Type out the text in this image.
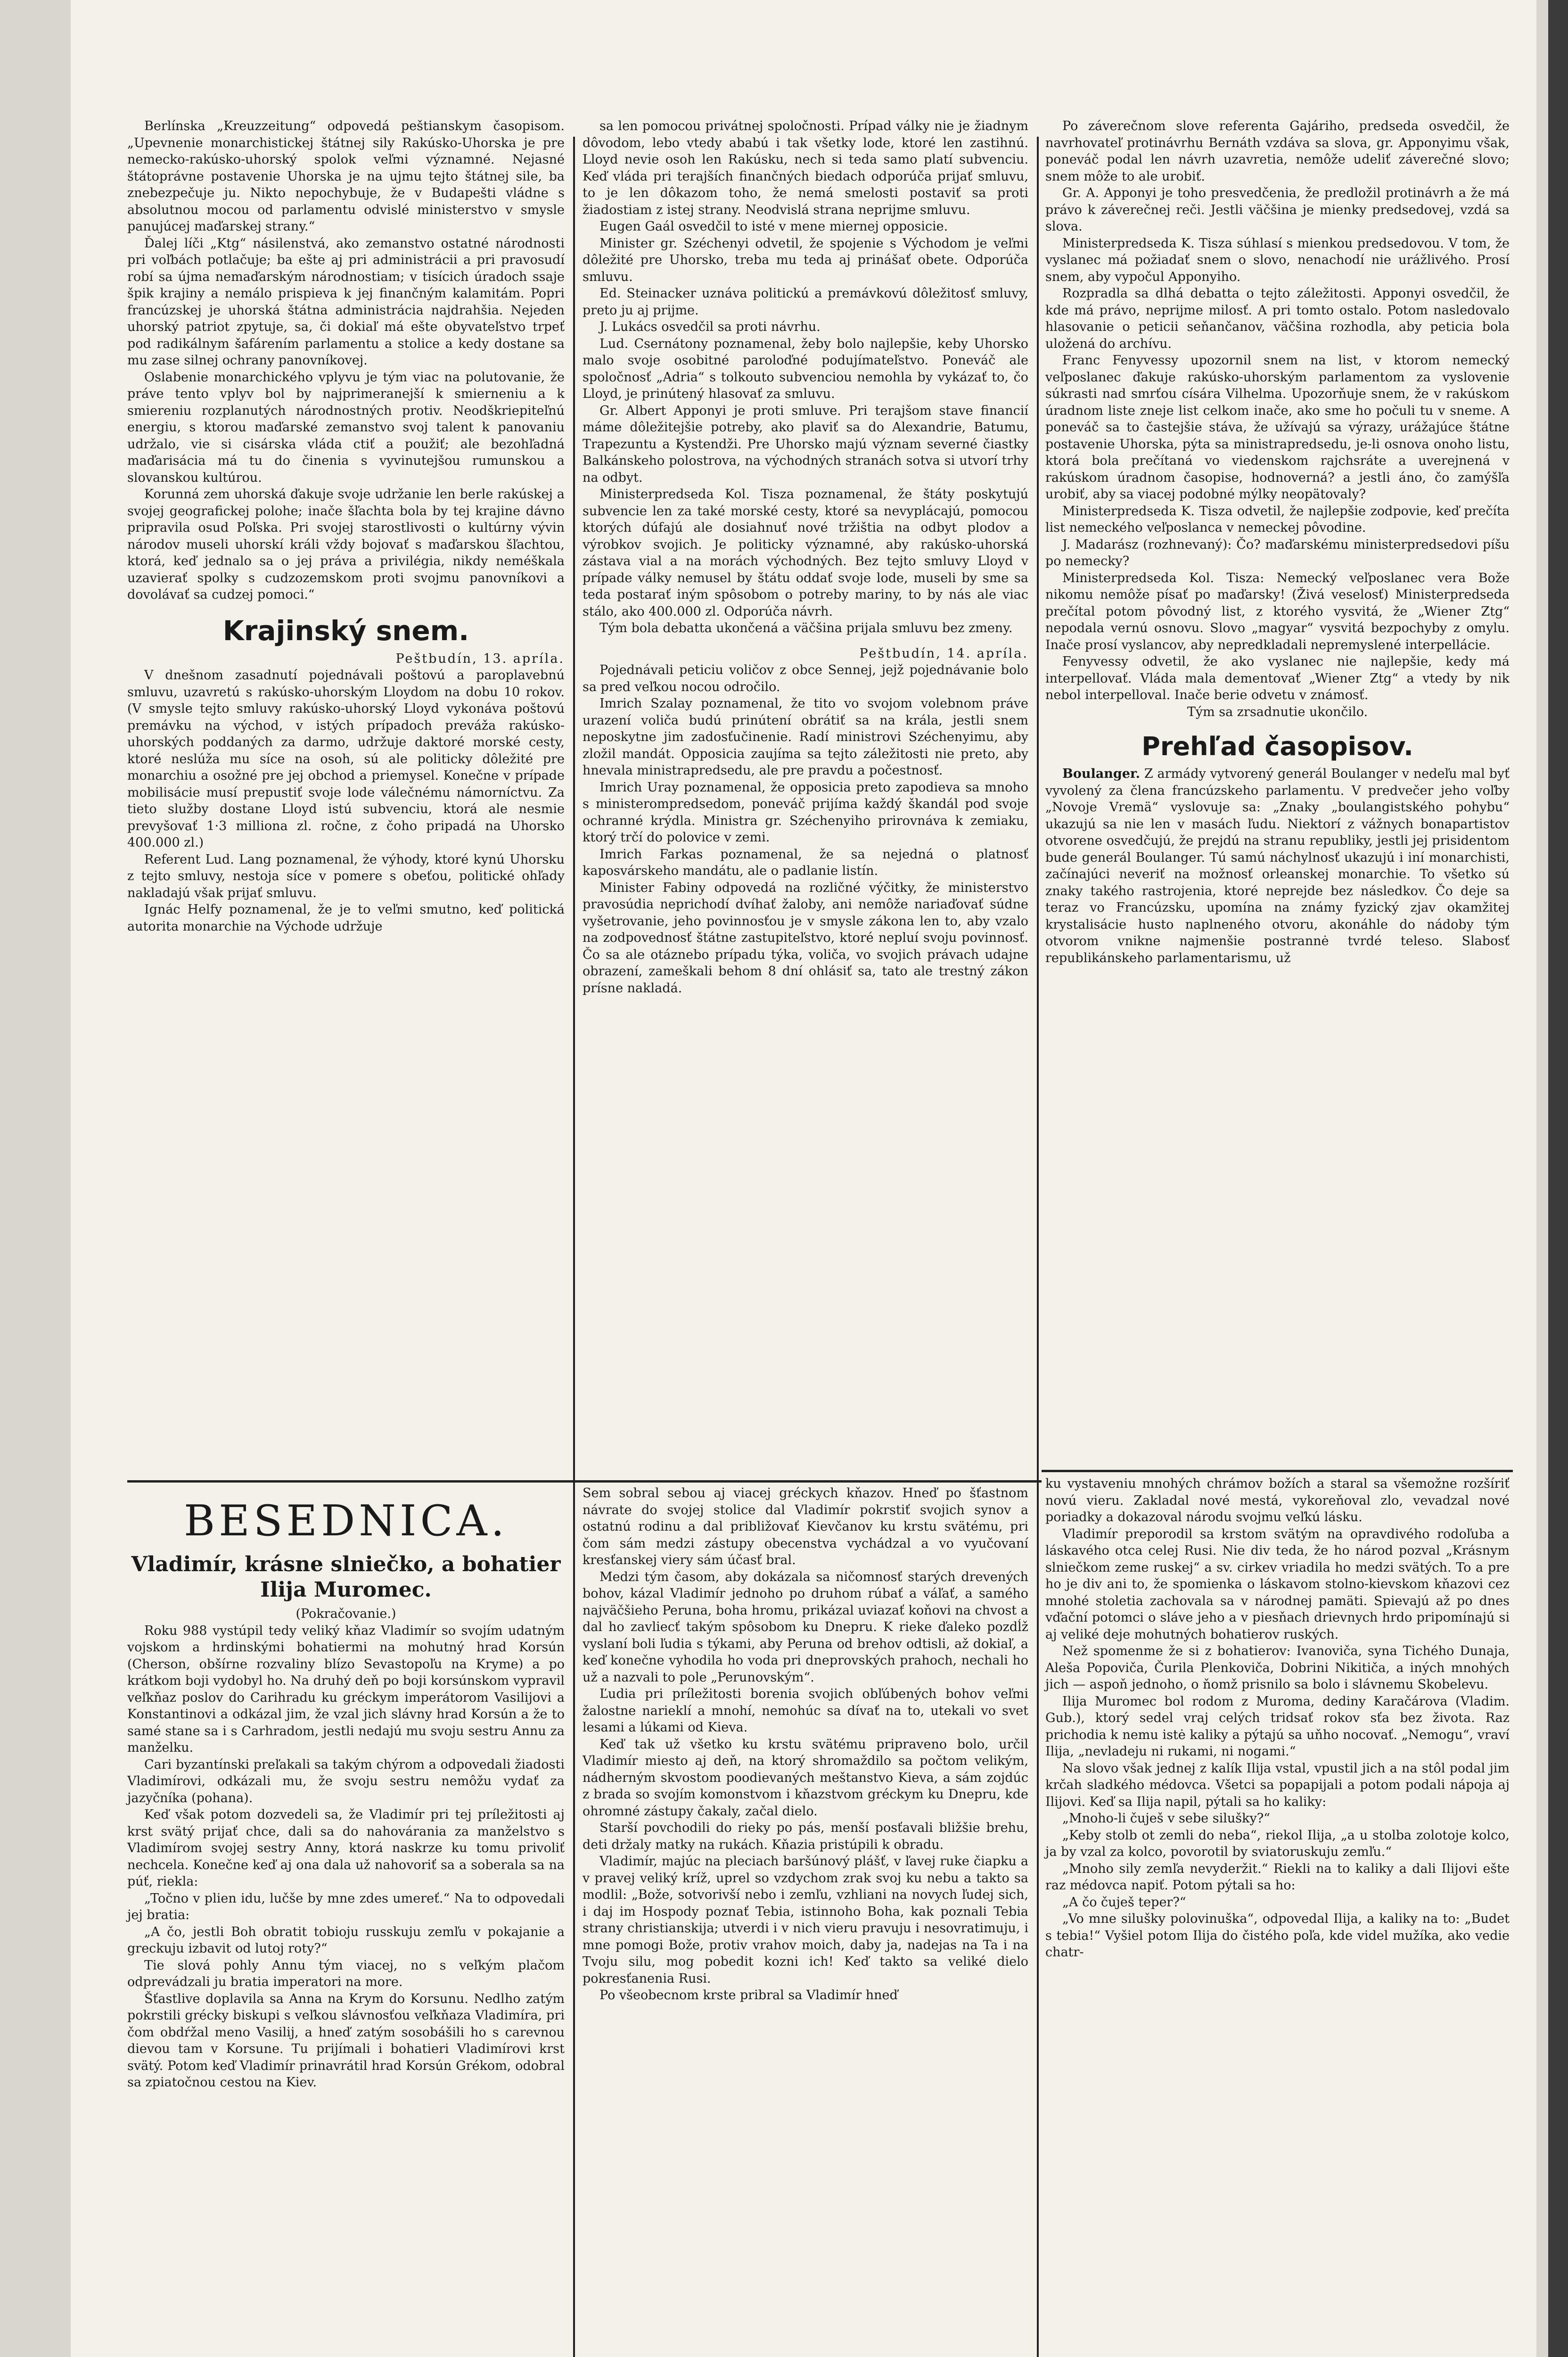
Berlínska „Kreuzzeitung“ odpovedá peštianskym časopisom. „Upevnenie monarchistickej štátnej sily Rakúsko-Uhorska je pre nemecko-rakúsko-uhorský spolok veľmi významné. Nejasné štátoprávne postavenie Uhorska je na ujmu tejto štátnej sile, ba znebezpečuje ju. Nikto nepochybuje, že v Budapešti vládne s absolutnou mocou od parlamentu odvislé ministerstvo v smysle panujúcej maďarskej strany.“

Ďalej líči „Ktg“ násilenstvá, ako zemanstvo ostatné národnosti pri voľbách potlačuje; ba ešte aj pri administrácii a pri pravosudí robí sa újma nemaďarským národnostiam; v tisícich úradoch ssaje špik krajiny a nemálo prispieva k jej finančným kalamitám. Popri francúzskej je uhorská štátna administrácia najdrahšia. Nejeden uhorský patriot zpytuje, sa, či dokiaľ má ešte obyvateľstvo trpeť pod radikálnym šafárením parlamentu a stolice a kedy dostane sa mu zase silnej ochrany panovníkovej.

Oslabenie monarchického vplyvu je tým viac na polutovanie, že práve tento vplyv bol by najprimeranejší k smierneniu a k smiereniu rozplanutých národnostných protiv. Neodškriepiteľnú energiu, s ktorou maďarské zemanstvo svoj talent k panovaniu udržalo, vie si cisárska vláda ctiť a použiť; ale bezohľadná maďarisácia má tu do činenia s vyvinutejšou rumunskou a slovanskou kultúrou.

Korunná zem uhorská ďakuje svoje udržanie len berle rakúskej a svojej geografickej polohe; inače šľachta bola by tej krajine dávno pripravila osud Poľska. Pri svojej starostlivosti o kultúrny vývin národov museli uhorskí králi vždy bojovať s maďarskou šľachtou, ktorá, keď jednalo sa o jej práva a privilégia, nikdy neméškala uzavierať spolky s cudzozemskom proti svojmu panovníkovi a dovolávať sa cudzej pomoci.“

Krajinský snem.

Peštbudín, 13. apríla.

V dnešnom zasadnutí pojednávali poštovú a paroplavebnú smluvu, uzavretú s rakúsko-uhorským Lloydom na dobu 10 rokov. (V smysle tejto smluvy rakúsko-uhorský Lloyd vykonáva poštovú premávku na východ, v istých prípadoch preváža rakúsko-uhorských poddaných za darmo, udržuje daktoré morské cesty, ktoré neslúža mu síce na osoh, sú ale politicky dôležité pre monarchiu a osožné pre jej obchod a priemysel. Konečne v prípade mobilisácie musí prepustiť svoje lode válečnému námorníctvu. Za tieto služby dostane Lloyd istú subvenciu, ktorá ale nesmie prevyšovať 1·3 milliona zl. ročne, z čoho pripadá na Uhorsko 400.000 zl.)

Referent Lud. Lang poznamenal, že výhody, ktoré kynú Uhorsku z tejto smluvy, nestoja síce v pomere s obeťou, politické ohľady nakladajú však prijať smluvu.

Ignác Helfy poznamenal, že je to veľmi smutno, keď politická autorita monarchie na Východe udržuje

sa len pomocou privátnej spoločnosti. Prípad války nie je žiadnym dôvodom, lebo vtedy ababú i tak všetky lode, ktoré len zastihnú. Lloyd nevie osoh len Rakúsku, nech si teda samo platí subvenciu. Keď vláda pri terajších finančných biedach odporúča prijať smluvu, to je len dôkazom toho, že nemá smelosti postaviť sa proti žiadostiam z istej strany. Neodvislá strana neprijme smluvu.

Eugen Gaál osvedčil to isté v mene miernej opposicie.

Minister gr. Széchenyi odvetil, že spojenie s Východom je veľmi dôležité pre Uhorsko, treba mu teda aj prinášať obete. Odporúča smluvu.

Ed. Steinacker uznáva politickú a premávkovú dôležitosť smluvy, preto ju aj prijme.

J. Lukács osvedčil sa proti návrhu.

Lud. Csernátony poznamenal, žeby bolo najlepšie, keby Uhorsko malo svoje osobitné paroloďné podujímateľstvo. Poneváč ale spoločnosť „Adria“ s tolkouto subvenciou nemohla by vykázať to, čo Lloyd, je prinútený hlasovať za smluvu.

Gr. Albert Apponyi je proti smluve. Pri terajšom stave financií máme dôležitejšie potreby, ako plaviť sa do Alexandrie, Batumu, Trapezuntu a Kystendži. Pre Uhorsko majú význam severné čiastky Balkánskeho polostrova, na východných stranách sotva si utvorí trhy na odbyt.

Ministerpredseda Kol. Tisza poznamenal, že štáty poskytujú subvencie len za také morské cesty, ktoré sa nevyplácajú, pomocou ktorých dúfajú ale dosiahnuť nové tržištia na odbyt plodov a výrobkov svojich. Je politicky významné, aby rakúsko-uhorská zástava vial a na morách východných. Bez tejto smluvy Lloyd v prípade války nemusel by štátu oddať svoje lode, museli by sme sa teda postarať iným spôsobom o potreby mariny, to by nás ale viac stálo, ako 400.000 zl. Odporúča návrh.

Tým bola debatta ukončená a väčšina prijala smluvu bez zmeny.

Peštbudín, 14. apríla.

Pojednávali peticiu voličov z obce Sennej, jejž pojednávanie bolo sa pred veľkou nocou odročilo.

Imrich Szalay poznamenal, že tito vo svojom volebnom práve urazení voliča budú prinútení obrátiť sa na krála, jestli snem neposkytne jim zadosťučinenie. Radí ministrovi Széchenyimu, aby zložil mandát. Opposicia zaujíma sa tejto záležitosti nie preto, aby hnevala ministrapredsedu, ale pre pravdu a počestnosť.

Imrich Uray poznamenal, že opposicia preto zapodieva sa mnoho s ministerompredsedom, poneváč prijíma každý škandál pod svoje ochranné krýdla. Ministra gr. Széchenyiho prirovnáva k zemiaku, ktorý trčí do polovice v zemi.

Imrich Farkas poznamenal, že sa nejedná o platnosť kaposvárskeho mandátu, ale o padlanie listín.

Minister Fabiny odpovedá na rozličné výčitky, že ministerstvo pravosúdia neprichodí dvíhať žaloby, ani nemôže nariaďovať súdne vyšetrovanie, jeho povinnosťou je v smysle zákona len to, aby vzalo na zodpovednosť štátne zastupiteľstvo, ktoré nepluí svoju povinnosť. Čo sa ale otáznebo prípadu týka, voliča, vo svojich právach udajne obrazení, zameškali behom 8 dní ohlásiť sa, tato ale trestný zákon prísne nakladá.

Po záverečnom slove referenta Gajáriho, predseda osvedčil, že navrhovateľ protinávrhu Bernáth vzdáva sa slova, gr. Apponyimu však, poneváč podal len návrh uzavretia, nemôže udeliť záverečné slovo; snem môže to ale urobiť.

Gr. A. Apponyi je toho presvedčenia, že predložil protinávrh a že má právo k záverečnej reči. Jestli väčšina je mienky predsedovej, vzdá sa slova.

Ministerpredseda K. Tisza súhlasí s mienkou predsedovou. V tom, že vyslanec má požiadať snem o slovo, nenachodí nie urážlivého. Prosí snem, aby vypočul Apponyiho.

Rozpradla sa dlhá debatta o tejto záležitosti. Apponyi osvedčil, že kde má právo, neprijme milosť. A pri tomto ostalo. Potom nasledovalo hlasovanie o peticii seňančanov, väčšina rozhodla, aby peticia bola uložená do archívu.

Franc Fenyvessy upozornil snem na list, v ktorom nemecký veľposlanec ďakuje rakúsko-uhorským parlamentom za vyslovenie súkrasti nad smrťou císára Vilhelma. Upozorňuje snem, že v rakúskom úradnom liste zneje list celkom inače, ako sme ho počuli tu v sneme. A poneváč sa to častejšie stáva, že užívajú sa výrazy, urážajúce štátne postavenie Uhorska, pýta sa ministrapredsedu, je-li osnova onoho listu, ktorá bola prečítaná vo viedenskom rajchsráte a uverejnená v rakúskom úradnom časopise, hodnoverná? a jestli áno, čo zamýšľa urobiť, aby sa viacej podobné mýlky neopätovaly?

Ministerpredseda K. Tisza odvetil, že najlepšie zodpovie, keď prečíta list nemeckého veľposlanca v nemeckej pôvodine.

J. Madarász (rozhnevaný): Čo? maďarskému ministerpredsedovi píšu po nemecky?

Ministerpredseda Kol. Tisza: Nemecký veľposlanec vera Bože nikomu nemôže písať po maďarsky! (Živá veselosť) Ministerpredseda prečítal potom pôvodný list, z ktorého vysvitá, že „Wiener Ztg“ nepodala vernú osnovu. Slovo „magyar“ vysvitá bezpochyby z omylu. Inače prosí vyslancov, aby nepredkladali nepremyslené interpellácie.

Fenyvessy odvetil, že ako vyslanec nie najlepšie, kedy má interpellovať. Vláda mala dementovať „Wiener Ztg“ a vtedy by nik nebol interpelloval. Inače berie odvetu v známosť.

Tým sa zrsadnutie ukončilo.

Prehľad časopisov.

Boulanger. Z armády vytvorený generál Boulanger v nedeľu mal byť vyvolený za člena francúzskeho parlamentu. V predvečer jeho voľby „Novoje Vremä“ vyslovuje sa: „Znaky „boulangistského pohybu“ ukazujú sa nie len v masách ľudu. Niektorí z vážnych bonapartistov otvorene osvedčujú, že prejdú na stranu republiky, jestli jej prisidentom bude generál Boulanger. Tú samú náchylnosť ukazujú i iní monarchisti, začínajúci neveriť na možnosť orleanskej monarchie. To všetko sú znaky takého rastrojenia, ktoré neprejde bez následkov. Čo deje sa teraz vo Francúzsku, upomína na známy fyzický zjav okamžitej krystalisácie husto naplneného otvoru, akonáhle do nádoby tým otvorom vnikne najmenšie postrannė tvrdé teleso. Slabosť republikánskeho parlamentarismu, už

BESEDNICA.
Vladimír, krásne slniečko, a bohatier Ilija Muromec.

(Pokračovanie.)

Roku 988 vystúpil tedy veliký kňaz Vladimír so svojím udatným vojskom a hrdinskými bohatiermi na mohutný hrad Korsún (Cherson, obšírne rozvaliny blízo Sevastopoľu na Kryme) a po krátkom boji vydobyl ho. Na druhý deň po boji korsúnskom vypravil veľkňaz poslov do Carihradu ku gréckym imperátorom Vasilijovi a Konstantinovi a odkázal jim, že vzal jich slávny hrad Korsún a že to samé stane sa i s Carhradom, jestli nedajú mu svoju sestru Annu za manželku.

Cari byzantínski preľakali sa takým chýrom a odpovedali žiadosti Vladimírovi, odkázali mu, že svoju sestru nemôžu vydať za jazyčníka (pohana).

Keď však potom dozvedeli sa, že Vladimír pri tej príležitosti aj krst svätý prijať chce, dali sa do nahovárania za manželstvo s Vladimírom svojej sestry Anny, ktorá naskrze ku tomu privoliť nechcela. Konečne keď aj ona dala už nahovoriť sa a soberala sa na púť, riekla:

„Točno v plien idu, lučše by mne zdes umereť.“ Na to odpovedali jej bratia:

„A čo, jestli Boh obratit tobioju russkuju zemľu v pokajanie a greckuju izbavit od lutoj roty?“

Tie slová pohly Annu tým viacej, no s veľkým plačom odprevádzali ju bratia imperatori na more.

Šťastlive doplavila sa Anna na Krym do Korsunu. Nedlho zatým pokrstili grécky biskupi s veľkou slávnosťou veľkňaza Vladimíra, pri čom obdŕžal meno Vasilij, a hneď zatým sosobášili ho s carevnou dievou tam v Korsune. Tu prijímali i bohatieri Vladimírovi krst svätý. Potom keď Vladimír prinavrátil hrad Korsún Grékom, odobral sa zpiatočnou cestou na Kiev.

Sem sobral sebou aj viacej gréckych kňazov. Hneď po šťastnom návrate do svojej stolice dal Vladimír pokrstiť svojich synov a ostatnú rodinu a dal približovať Kievčanov ku krstu svätému, pri čom sám medzi zástupy obecenstva vychádzal a vo vyučovaní kresťanskej viery sám účasť bral.

Medzi tým časom, aby dokázala sa ničomnosť starých drevených bohov, kázal Vladimír jednoho po druhom rúbať a váľať, a samého najväčšieho Peruna, boha hromu, prikázal uviazať koňovi na chvost a dal ho zavliecť takým spôsobom ku Dnepru. K rieke ďaleko pozdĺž vyslaní boli ľudia s týkami, aby Peruna od brehov odtisli, až dokiaľ, a keď konečne vyhodila ho voda pri dneprovských prahoch, nechali ho už a nazvali to pole „Perunovským“.

Ľudia pri príležitosti borenia svojich obľúbených bohov veľmi žalostne narieklí a mnohí, nemohúc sa dívať na to, utekali vo svet lesami a lúkami od Kieva.

Keď tak už všetko ku krstu svätému pripraveno bolo, určil Vladimír miesto aj deň, na ktorý shromaždilo sa počtom velikým, nádherným skvostom poodievaných meštanstvo Kieva, a sám zojdúc z brada so svojím komonstvom i kňazstvom gréckym ku Dnepru, kde ohromné zástupy čakaly, začal dielo.

Starší povchodili do rieky po pás, menší posťavali bližšie brehu, deti držaly matky na rukách. Kňazia pristúpili k obradu.

Vladimír, majúc na pleciach baršúnový plášť, v ľavej ruke čiapku a v pravej veliký kríž, uprel so vzdychom zrak svoj ku nebu a takto sa modlil: „Bože, sotvorivší nebo i zemľu, vzhliani na novych ľudej sich, i daj im Hospody poznať Tebia, istinnoho Boha, kak poznali Tebia strany christianskija; utverdi i v nich vieru pravuju i nesovratimuju, i mne pomogi Bože, protiv vrahov moich, daby ja, nadejas na Ta i na Tvoju silu, mog pobedit kozni ich! Keď takto sa veliké dielo pokresťanenia Rusi.

Po všeobecnom krste pribral sa Vladimír hneď

ku vystaveniu mnohých chrámov božích a staral sa všemožne rozšíriť novú vieru. Zakladal nové mestá, vykoreňoval zlo, vevadzal nové poriadky a dokazoval národu svojmu veľkú lásku.

Vladimír preporodil sa krstom svätým na opravdivého rodoľuba a láskavého otca celej Rusi. Nie div teda, že ho národ pozval „Krásnym slniečkom zeme ruskej“ a sv. cirkev vriadila ho medzi svätých. To a pre ho je div ani to, že spomienka o láskavom stolno-kievskom kňazovi cez mnohé stoletia zachovala sa v národnej pamäti. Spievajú až po dnes vďační potomci o sláve jeho a v piesňach drievnych hrdo pripomínajú si aj veliké deje mohutných bohatierov ruských.

Než spomenme že si z bohatierov: Ivanoviča, syna Tichého Dunaja, Aleša Popoviča, Čurila Plenkoviča, Dobrini Nikitiča, a iných mnohých jich — aspoň jednoho, o ňomž prisnilo sa bolo i slávnemu Skobelevu.

Ilija Muromec bol rodom z Muroma, dediny Karačárova (Vladim. Gub.), ktorý sedel vraj celých tridsať rokov sťa bez života. Raz prichodia k nemu istė kaliky a pýtajú sa uňho nocovať. „Nemogu“, vraví Ilija, „nevladeju ni rukami, ni nogami.“

Na slovo však jednej z kalík Ilija vstal, vpustil jich a na stôl podal jim krčah sladkého médovca. Všetci sa popapijali a potom podali nápoja aj Ilijovi. Keď sa Ilija napil, pýtali sa ho kaliky:

„Mnoho-li čuješ v sebe silušky?“

„Keby stolb ot zemli do neba“, riekol Ilija, „a u stolba zolotoje kolco, ja by vzal za kolco, povorotil by sviatoruskuju zemľu.“

„Mnoho sily zemľa nevyderžit.“ Riekli na to kaliky a dali Ilijovi ešte raz médovca napiť. Potom pýtali sa ho:

„A čo čuješ teper?“

„Vo mne silušky polovinuška“, odpovedal Ilija, a kaliky na to: „Budet s tebia!“ Vyšiel potom Ilija do čistého poľa, kde videl mužíka, ako vedie chatr-
